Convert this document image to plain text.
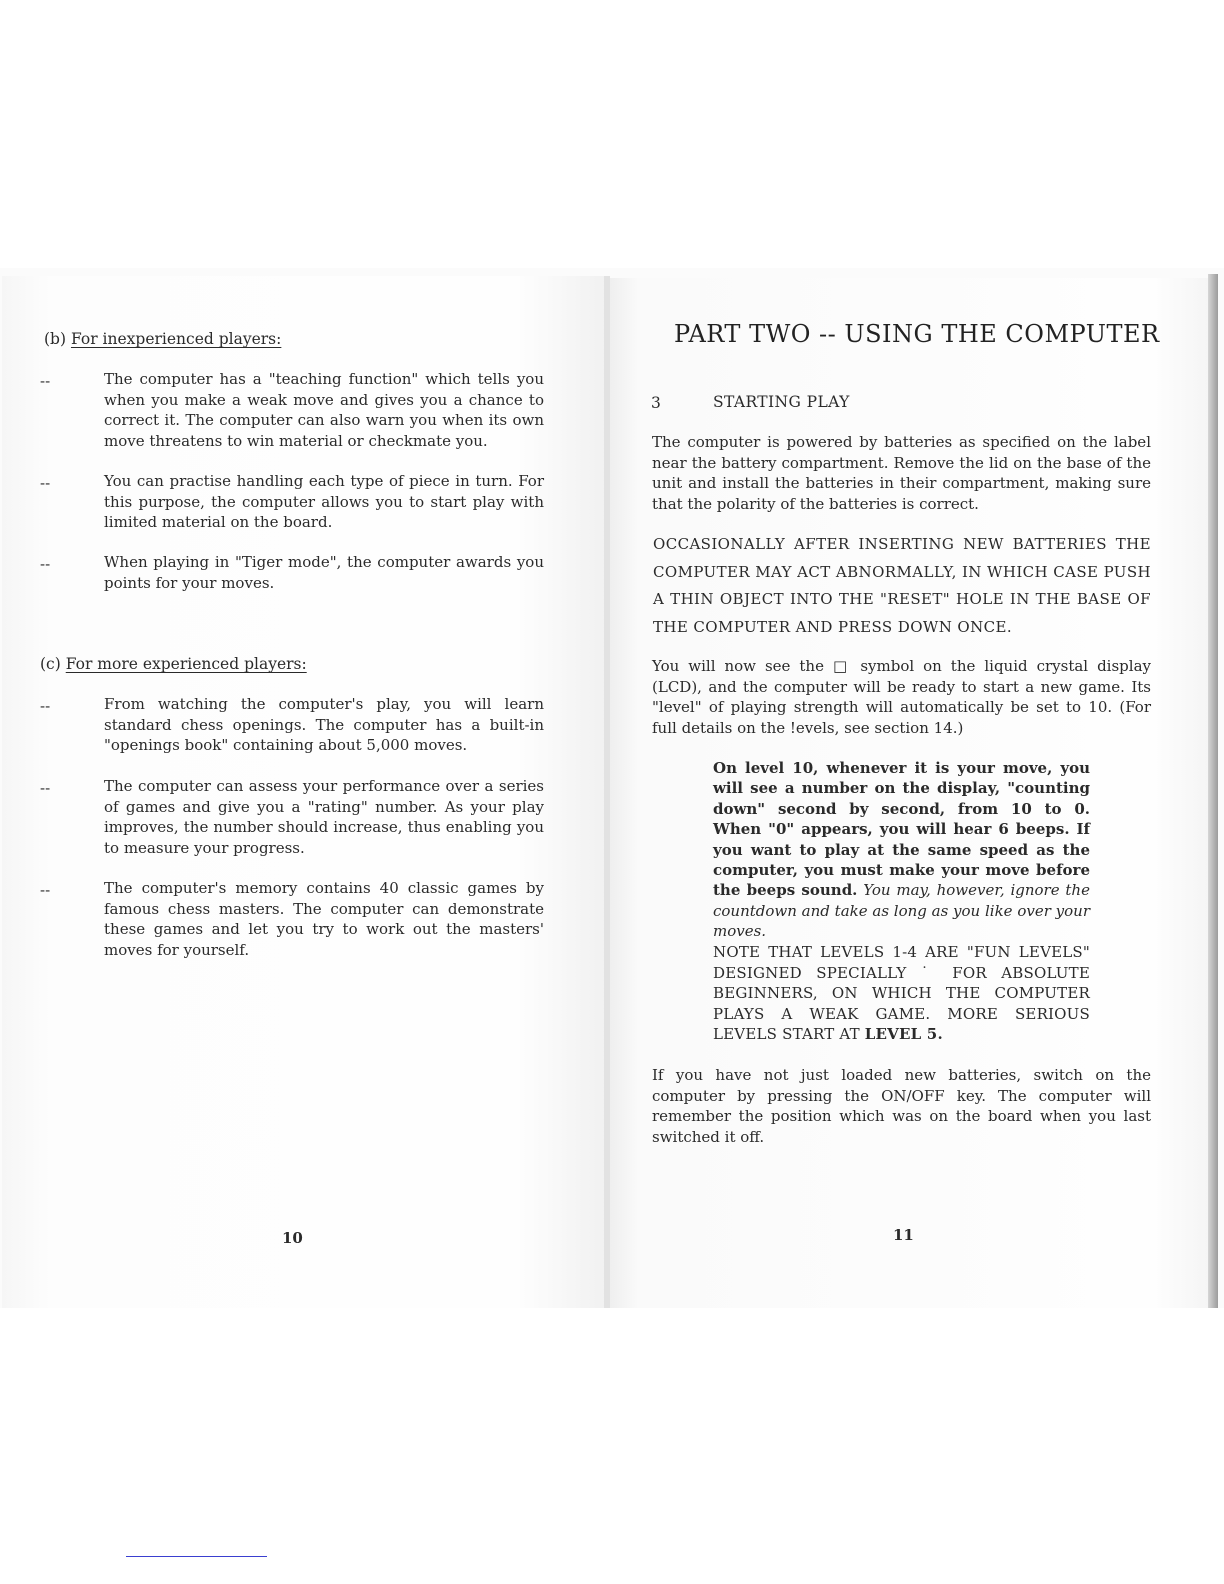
(b) For inexperienced players:
--	The computer has a "teaching function" which tells you when you make a weak move and gives you a chance to correct it. The computer can also warn you when its own move threatens to win material or checkmate you.

--	You can practise handling each type of piece in turn. For this purpose, the computer allows you to start play with limited material on the board.

--	When playing in "Tiger mode", the computer awards you points for your moves.

(c) For more experienced players:
--	From watching the computer's play, you will learn standard chess openings. The computer has a built-in "openings book" containing about 5,000 moves.

--	The computer can assess your performance over a series of games and give you a "rating" number. As your play improves, the number should increase, thus enabling you to measure your progress.

--	The computer's memory contains 40 classic games by famous chess masters. The computer can demonstrate these games and let you try to work out the masters' moves for yourself.

10
PART TWO -- USING THE COMPUTER
3	STARTING PLAY

The computer is powered by batteries as specified on the label near the battery compartment. Remove the lid on the base of the unit and install the batteries in their compartment, making sure that the polarity of the batteries is correct.

OCCASIONALLY AFTER INSERTING NEW BATTERIES THE COMPUTER MAY ACT ABNORMALLY, IN WHICH CASE PUSH A THIN OBJECT INTO THE "RESET" HOLE IN THE BASE OF THE COMPUTER AND PRESS DOWN ONCE.

You will now see the □ symbol on the liquid crystal display (LCD), and the computer will be ready to start a new game. Its "level" of playing strength will automatically be set to 10. (For full details on the !evels, see section 14.)

On level 10, whenever it is your move, you will see a number on the display, "counting down" second by second, from 10 to 0. When "0" appears, you will hear 6 beeps. If you want to play at the same speed as the computer, you must make your move before the beeps sound. You may, however, ignore the countdown and take as long as you like over your moves.

NOTE THAT LEVELS 1-4 ARE "FUN LEVELS" DESIGNED SPECIALLY ˙ FOR ABSOLUTE BEGINNERS, ON WHICH THE COMPUTER PLAYS A WEAK GAME. MORE SERIOUS LEVELS START AT LEVEL 5.

If you have not just loaded new batteries, switch on the computer by pressing the ON/OFF key. The computer will remember the position which was on the board when you last switched it off.

11
